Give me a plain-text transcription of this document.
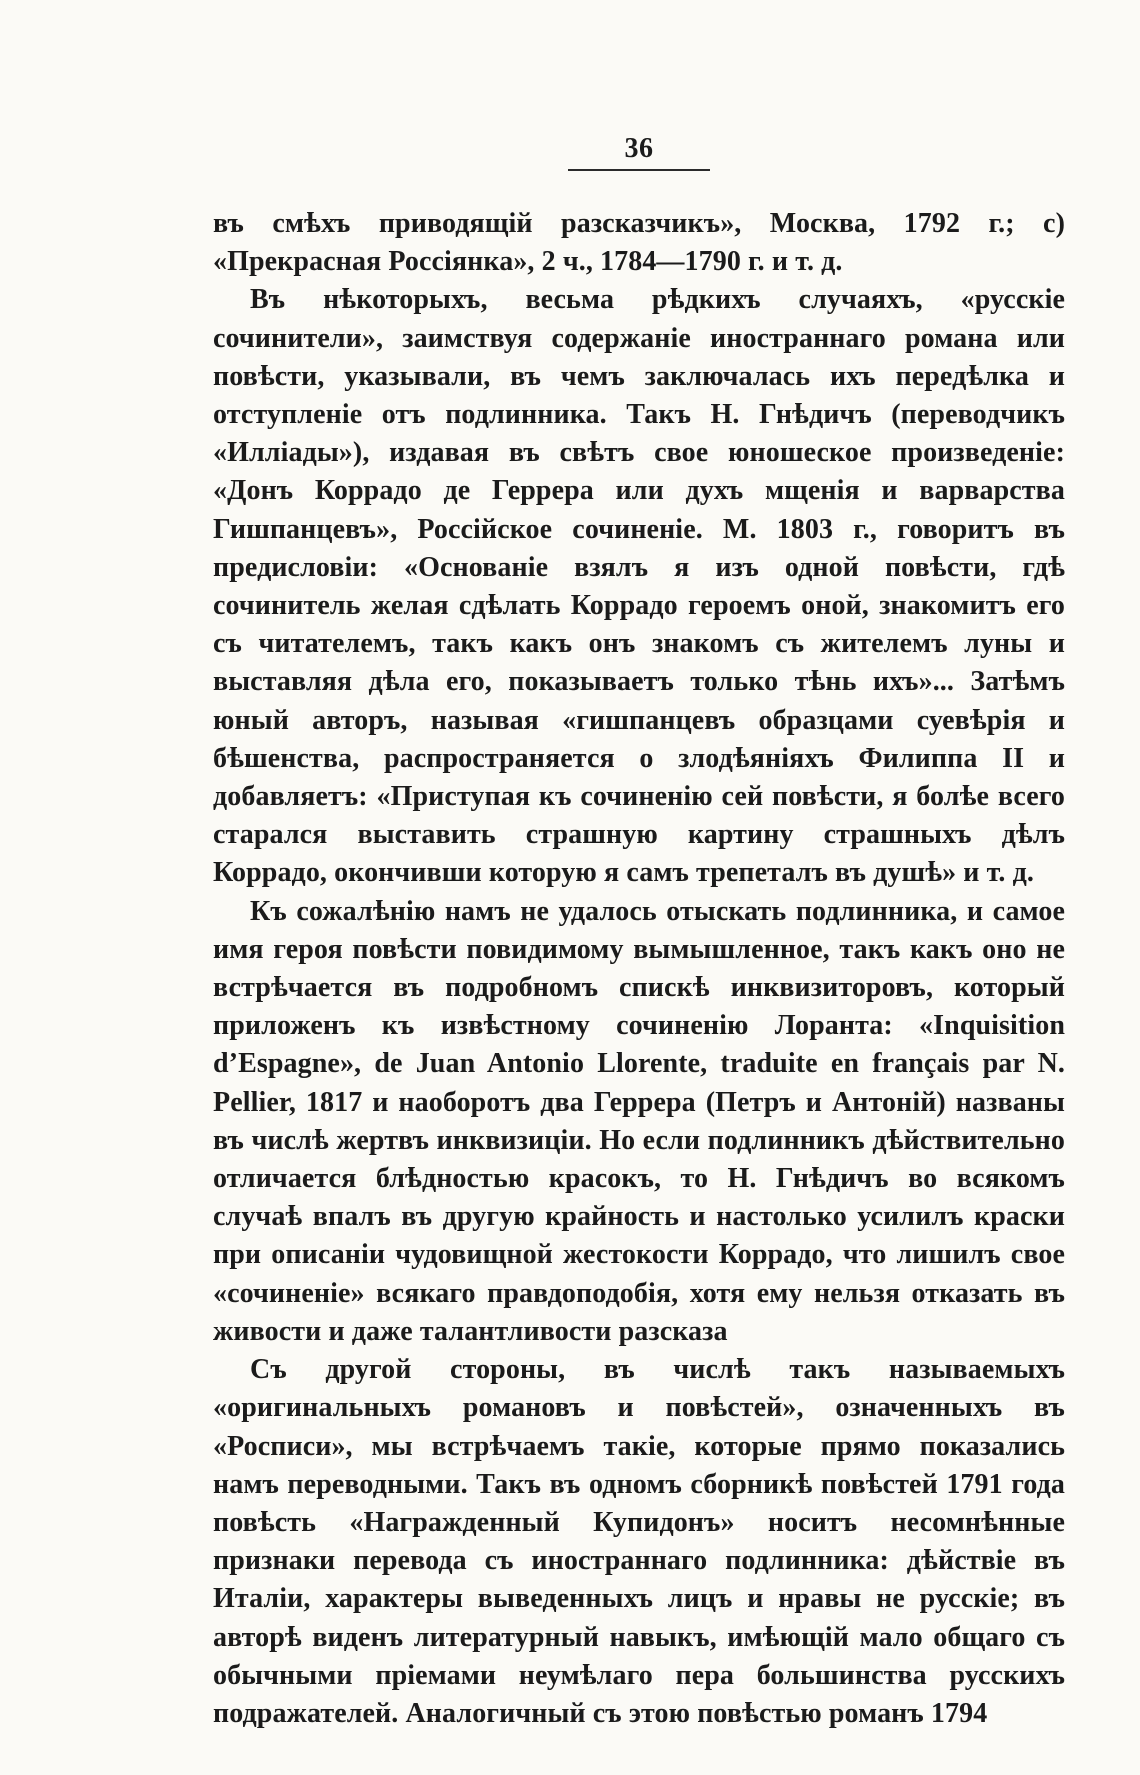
36

въ смѣхъ приводящій разсказчикъ», Москва, 1792 г.; с) «Прекрасная Россіянка», 2 ч., 1784—1790 г. и т. д.

Въ нѣкоторыхъ, весьма рѣдкихъ случаяхъ, «русскіе сочинители», заимствуя содержаніе иностраннаго романа или повѣсти, указывали, въ чемъ заключалась ихъ передѣлка и отступленіе отъ подлинника. Такъ Н. Гнѣдичъ (переводчикъ «Илліады»), издавая въ свѣтъ свое юношеское произведеніе: «Донъ Коррадо де Геррера или духъ мщенія и варварства Гишпанцевъ», Россійское сочиненіе. М. 1803 г., говоритъ въ предисловіи: «Основаніе взялъ я изъ одной повѣсти, гдѣ сочинитель желая сдѣлать Коррадо героемъ оной, знакомитъ его съ читателемъ, такъ какъ онъ знакомъ съ жителемъ луны и выставляя дѣла его, показываетъ только тѣнь ихъ»... Затѣмъ юный авторъ, называя «гишпанцевъ образцами суевѣрія и бѣшенства, распространяется о злодѣяніяхъ Филиппа II и добавляетъ: «Приступая къ сочиненію сей повѣсти, я болѣе всего старался выставить страшную картину страшныхъ дѣлъ Коррадо, окончивши которую я самъ трепеталъ въ душѣ» и т. д.

Къ сожалѣнію намъ не удалось отыскать подлинника, и самое имя героя повѣсти повидимому вымышленное, такъ какъ оно не встрѣчается въ подробномъ спискѣ инквизиторовъ, который приложенъ къ извѣстному сочиненію Лоранта: «Inquisition d’Espagne», de Juan Antonio Llorente, traduite en français par N. Pellier, 1817 и наоборотъ два Геррера (Петръ и Антоній) названы въ числѣ жертвъ инквизиціи. Но если подлинникъ дѣйствительно отличается блѣдностью красокъ, то Н. Гнѣдичъ во всякомъ случаѣ впалъ въ другую крайность и настолько усилилъ краски при описаніи чудовищной жестокости Коррадо, что лишилъ свое «сочиненіе» всякаго правдоподобія, хотя ему нельзя отказать въ живости и даже талантливости разсказа

Съ другой стороны, въ числѣ такъ называемыхъ «оригинальныхъ романовъ и повѣстей», означенныхъ въ «Росписи», мы встрѣчаемъ такіе, которые прямо показались намъ переводными. Такъ въ одномъ сборникѣ повѣстей 1791 года повѣсть «Награжденный Купидонъ» носитъ несомнѣнные признаки перевода съ иностраннаго подлинника: дѣйствіе въ Италіи, характеры выведенныхъ лицъ и нравы не русскіе; въ авторѣ виденъ литературный навыкъ, имѣющій мало общаго съ обычными пріемами неумѣлаго пера большинства русскихъ подражателей. Аналогичный съ этою повѣстью романъ 1794
